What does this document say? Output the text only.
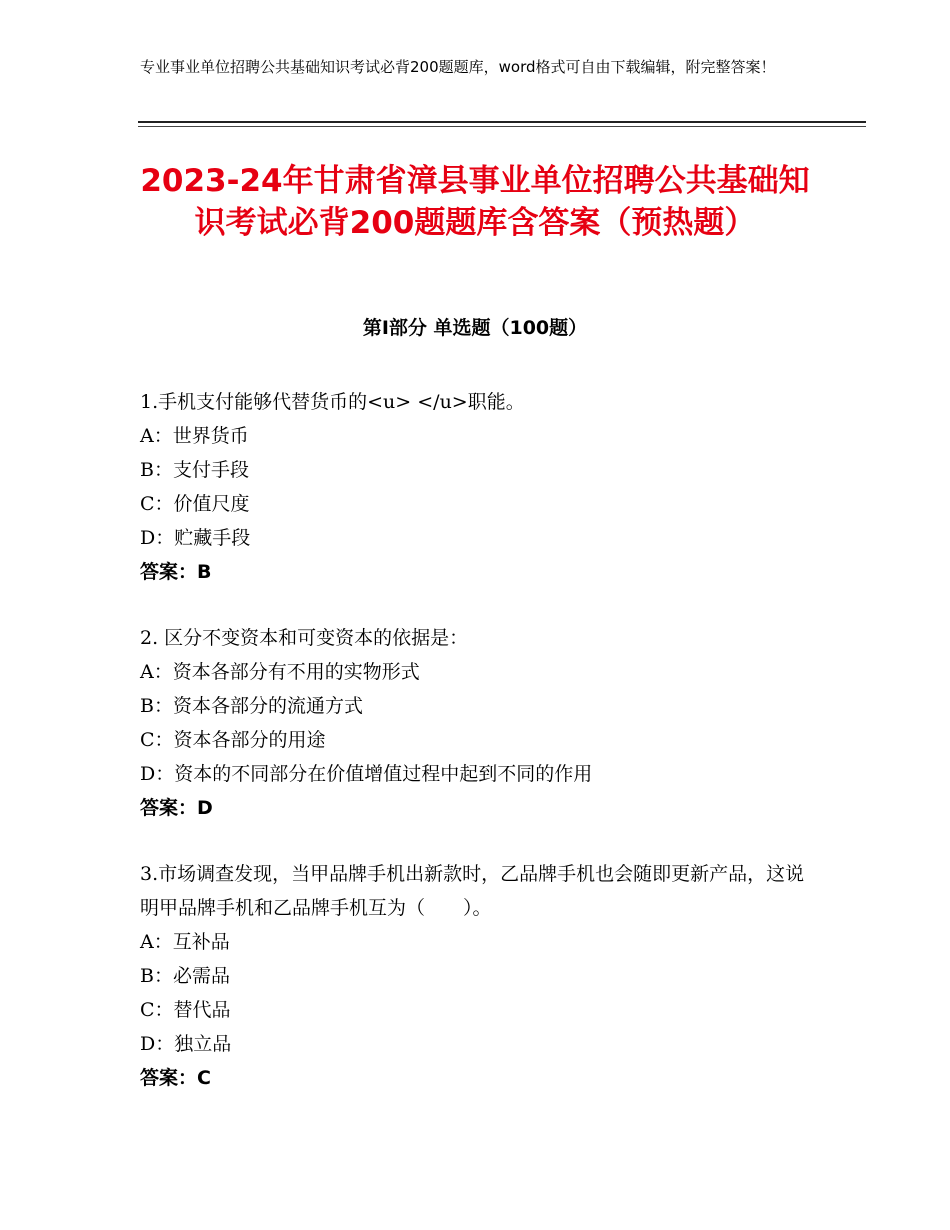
专业事业单位招聘公共基础知识考试必背200题题库，word格式可自由下载编辑，附完整答案！
2023-24年甘肃省漳县事业单位招聘公共基础知识考试必背200题题库含答案（预热题）
第Ⅰ部分 单选题（100题）
1.手机支付能够代替货币的<u> </u>职能。
A：世界货币
B：支付手段
C：价值尺度
D：贮藏手段
答案：B
2. 区分不变资本和可变资本的依据是：
A：资本各部分有不用的实物形式
B：资本各部分的流通方式
C：资本各部分的用途
D：资本的不同部分在价值增值过程中起到不同的作用
答案：D
3.市场调查发现，当甲品牌手机出新款时，乙品牌手机也会随即更新产品，这说明甲品牌手机和乙品牌手机互为（　　）。
A：互补品
B：必需品
C：替代品
D：独立品
答案：C
